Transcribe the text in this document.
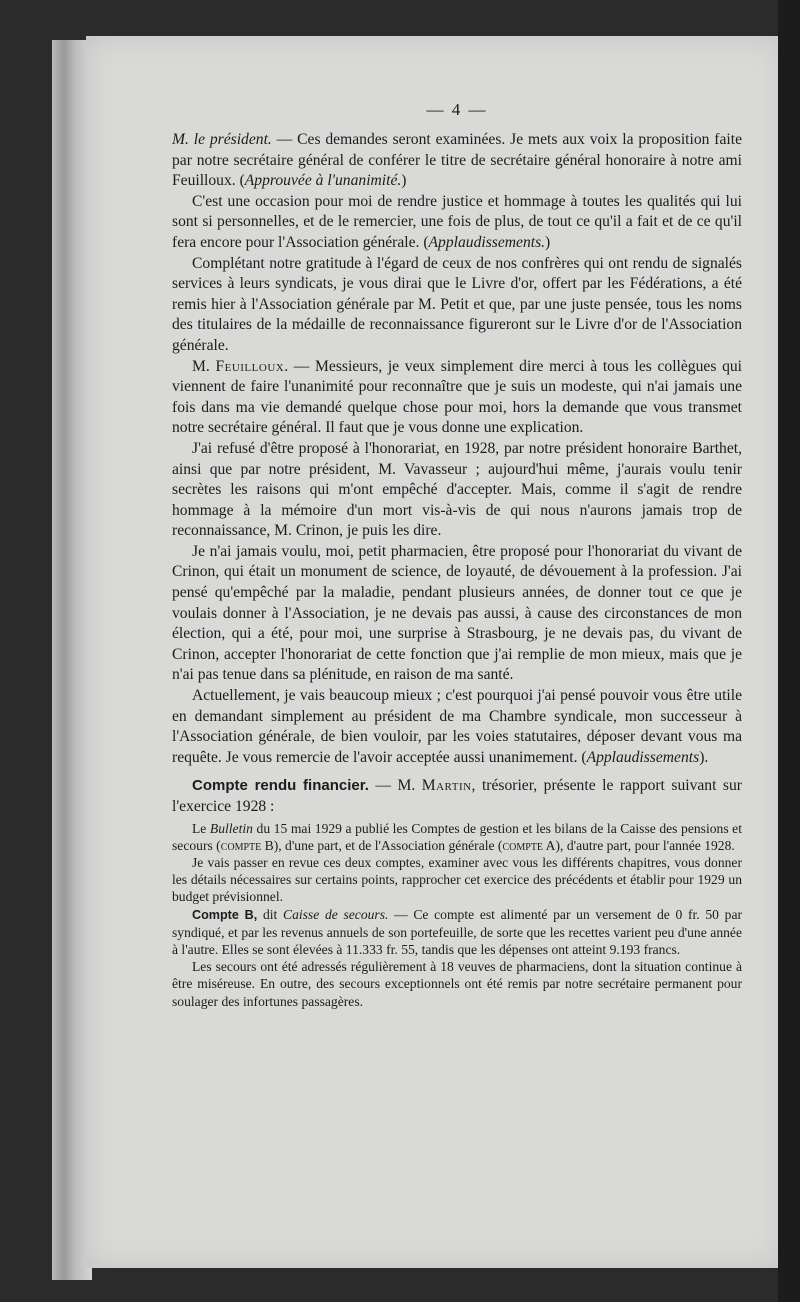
— 4 —

M. le président. — Ces demandes seront examinées. Je mets aux voix la proposition faite par notre secrétaire général de conférer le titre de secrétaire général honoraire à notre ami Feuilloux. (Approuvée à l'unanimité.)

C'est une occasion pour moi de rendre justice et hommage à toutes les qualités qui lui sont si personnelles, et de le remercier, une fois de plus, de tout ce qu'il a fait et de ce qu'il fera encore pour l'Association générale. (Applaudissements.)

Complétant notre gratitude à l'égard de ceux de nos confrères qui ont rendu de signalés services à leurs syndicats, je vous dirai que le Livre d'or, offert par les Fédérations, a été remis hier à l'Association générale par M. Petit et que, par une juste pensée, tous les noms des titulaires de la médaille de reconnaissance figureront sur le Livre d'or de l'Association générale.

M. Feuilloux. — Messieurs, je veux simplement dire merci à tous les collègues qui viennent de faire l'unanimité pour reconnaître que je suis un modeste, qui n'ai jamais une fois dans ma vie demandé quelque chose pour moi, hors la demande que vous transmet notre secrétaire général. Il faut que je vous donne une explication.

J'ai refusé d'être proposé à l'honorariat, en 1928, par notre président honoraire Barthet, ainsi que par notre président, M. Vavasseur ; aujourd'hui même, j'aurais voulu tenir secrètes les raisons qui m'ont empêché d'accepter. Mais, comme il s'agit de rendre hommage à la mémoire d'un mort vis-à-vis de qui nous n'aurons jamais trop de reconnaissance, M. Crinon, je puis les dire.

Je n'ai jamais voulu, moi, petit pharmacien, être proposé pour l'honorariat du vivant de Crinon, qui était un monument de science, de loyauté, de dévouement à la profession. J'ai pensé qu'empêché par la maladie, pendant plusieurs années, de donner tout ce que je voulais donner à l'Association, je ne devais pas aussi, à cause des circonstances de mon élection, qui a été, pour moi, une surprise à Strasbourg, je ne devais pas, du vivant de Crinon, accepter l'honorariat de cette fonction que j'ai remplie de mon mieux, mais que je n'ai pas tenue dans sa plénitude, en raison de ma santé.

Actuellement, je vais beaucoup mieux ; c'est pourquoi j'ai pensé pouvoir vous être utile en demandant simplement au président de ma Chambre syndicale, mon successeur à l'Association générale, de bien vouloir, par les voies statutaires, déposer devant vous ma requête. Je vous remercie de l'avoir acceptée aussi unanimement. (Applaudissements).

Compte rendu financier. — M. Martin, trésorier, présente le rapport suivant sur l'exercice 1928 :

Le Bulletin du 15 mai 1929 a publié les Comptes de gestion et les bilans de la Caisse des pensions et secours (compte B), d'une part, et de l'Association générale (compte A), d'autre part, pour l'année 1928.

Je vais passer en revue ces deux comptes, examiner avec vous les différents chapitres, vous donner les détails nécessaires sur certains points, rapprocher cet exercice des précédents et établir pour 1929 un budget prévisionnel.

Compte B, dit Caisse de secours. — Ce compte est alimenté par un versement de 0 fr. 50 par syndiqué, et par les revenus annuels de son portefeuille, de sorte que les recettes varient peu d'une année à l'autre. Elles se sont élevées à 11.333 fr. 55, tandis que les dépenses ont atteint 9.193 francs.

Les secours ont été adressés régulièrement à 18 veuves de pharmaciens, dont la situation continue à être miséreuse. En outre, des secours exceptionnels ont été remis par notre secrétaire permanent pour soulager des infortunes passagères.
